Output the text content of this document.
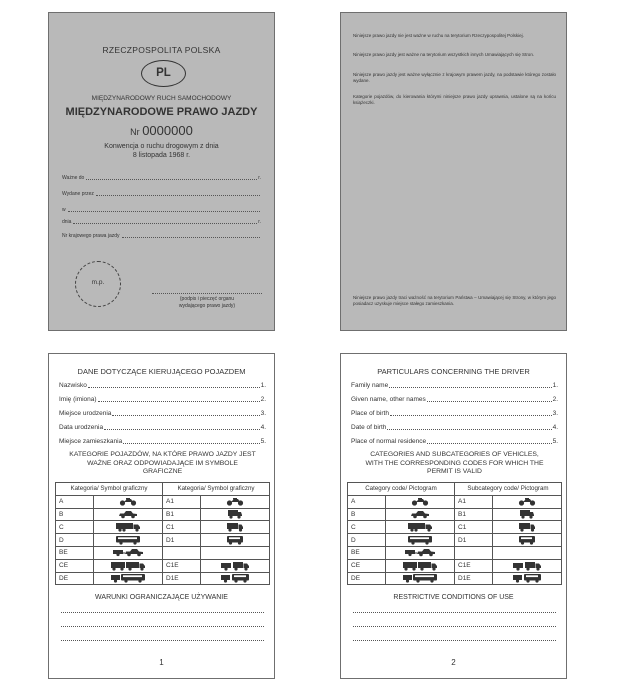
RZECZPOSPOLITA POLSKA
PL
MIĘDZYNARODOWY RUCH SAMOCHODOWY
MIĘDZYNARODOWE PRAWO JAZDY
Nr 0000000
Konwencja o ruchu drogowym z dnia
8 listopada 1968 r.
Ważne do	r.
Wydane przez
w
dnia	r.
Nr krajowego prawa jazdy
m.p.
(podpis i pieczęć organu
wydającego prawo jazdy)
Niniejsze prawo jazdy nie jest ważne w ruchu na terytorium Rzeczypospolitej Polskiej.
Niniejsze prawo jazdy jest ważne na terytorium wszystkich innych Umawiających się Stron.
Niniejsze prawo jazdy jest ważne wyłącznie z krajowym prawem jazdy, na podstawie którego zostało wydane.
Kategorie pojazdów, do kierowania którymi niniejsze prawo jazdy uprawnia, ustalone są na końcu książeczki.
Niniejsze prawo jazdy traci ważność na terytorium Państwa – Umawiającej się Strony, w którym jego posiadacz uzyskuje miejsce stałego zamieszkania.
DANE DOTYCZĄCE KIERUJĄCEGO POJAZDEM
Nazwisko	1.
Imię (imiona)	2.
Miejsce urodzenia	3.
Data urodzenia	4.
Miejsce zamieszkania	5.
KATEGORIE POJAZDÓW, NA KTÓRE PRAWO JAZDY JEST
WAŻNE ORAZ ODPOWIADAJĄCE IM SYMBOLE
GRAFICZNE
Kategoria/ Symbol graficzny		Kategoria/ Symbol graficzny	
A		A1	

B		B1	

C		C1	

D		D1	

BE	

CE		C1E	

DE		D1E	
WARUNKI OGRANICZAJĄCE UŻYWANIE
1
PARTICULARS CONCERNING THE DRIVER
Family name	1.
Given name, other names	2.
Place of birth	3.
Date of birth	4.
Place of normal residence	5.
CATEGORIES AND SUBCATEGORIES OF VEHICLES,
WITH THE CORRESPONDING CODES FOR WHICH THE
PERMIT IS VALID
Category code/ Pictogram		Subcategory code/ Pictogram	
A		A1	

B		B1	

C		C1	

D		D1	

BE	

CE		C1E	

DE		D1E	
RESTRICTIVE CONDITIONS OF USE
2
